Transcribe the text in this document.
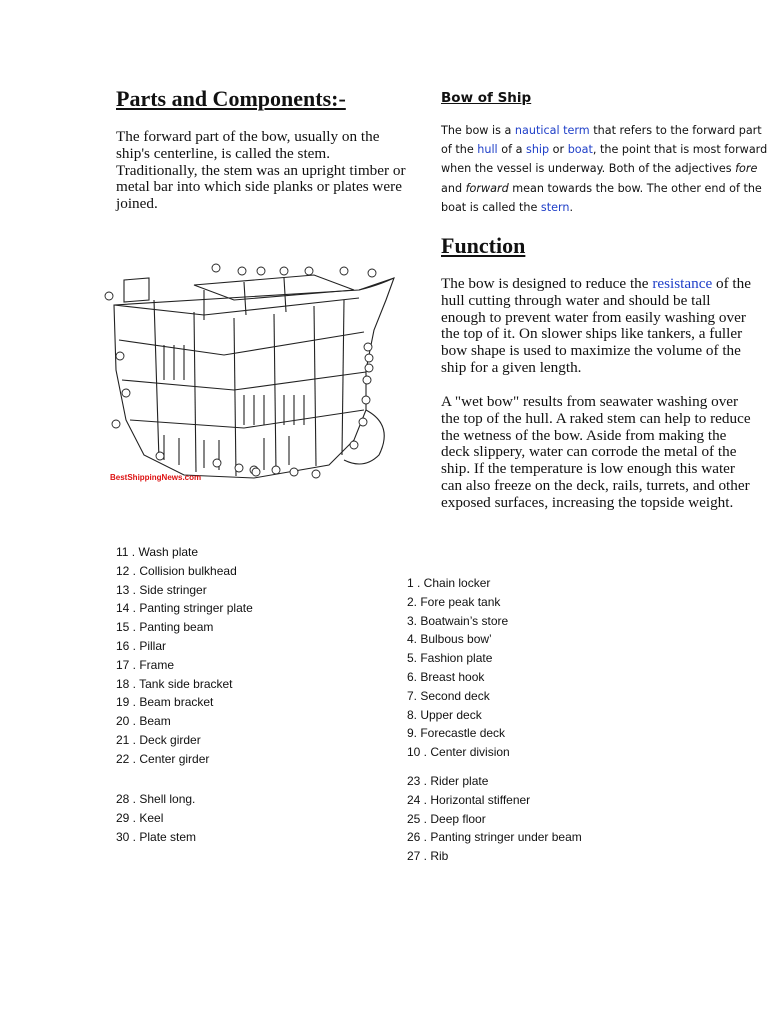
Parts and Components:-
The forward part of the bow, usually on the ship's centerline, is called the stem. Traditionally, the stem was an upright timber or metal bar into which side planks or plates were joined.
Bow of Ship
The bow is a nautical term that refers to the forward part of the hull of a ship or boat, the point that is most forward when the vessel is underway. Both of the adjectives fore and forward mean towards the bow. The other end of the boat is called the stern.
Function
The bow is designed to reduce the resistance of the hull cutting through water and should be tall enough to prevent water from easily washing over the top of it. On slower ships like tankers, a fuller bow shape is used to maximize the volume of the ship for a given length.
A "wet bow" results from seawater washing over the top of the hull. A raked stem can help to reduce the wetness of the bow. Aside from making the deck slippery, water can corrode the metal of the ship. If the temperature is low enough this water can also freeze on the deck, rails, turrets, and other exposed surfaces, increasing the topside weight.
BestShippingNews.com
11 . Wash plate
12 . Collision bulkhead
13 . Side stringer
14 . Panting stringer plate
15 . Panting beam
16 . Pillar
17 . Frame
18 . Tank side bracket
19 . Beam bracket
20 . Beam
21 . Deck girder
22 . Center girder
28 . Shell long.
29 . Keel
30 . Plate stem
1 . Chain locker
2. Fore peak tank
3. Boatwain’s store
4. Bulbous bow’
5. Fashion plate
6. Breast hook
7. Second deck
8. Upper deck
9. Forecastle deck
10 . Center division
23 . Rider plate
24 . Horizontal stiffener
25 . Deep floor
26 . Panting stringer under beam
27 . Rib
